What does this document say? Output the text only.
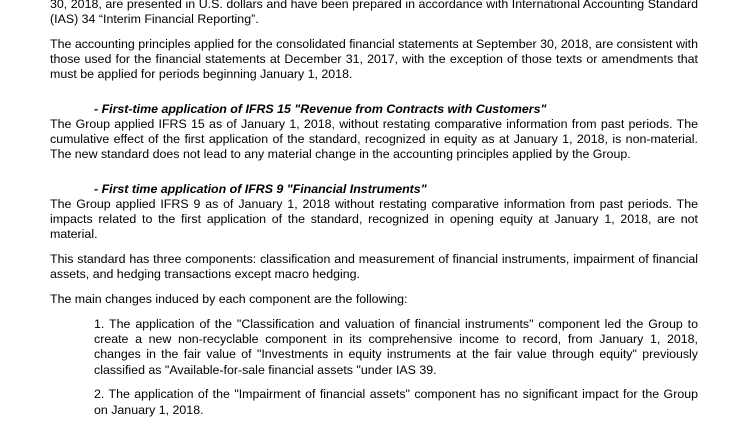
30, 2018, are presented in U.S. dollars and have been prepared in accordance with International Accounting Standard (IAS) 34 “Interim Financial Reporting”.

The accounting principles applied for the consolidated financial statements at September 30, 2018, are consistent with those used for the financial statements at December 31, 2017, with the exception of those texts or amendments that must be applied for periods beginning January 1, 2018.

- First-time application of IFRS 15 "Revenue from Contracts with Customers"

The Group applied IFRS 15 as of January 1, 2018, without restating comparative information from past periods. The cumulative effect of the first application of the standard, recognized in equity as at January 1, 2018, is non-material. The new standard does not lead to any material change in the accounting principles applied by the Group.

- First time application of IFRS 9 "Financial Instruments"

The Group applied IFRS 9 as of January 1, 2018 without restating comparative information from past periods. The impacts related to the first application of the standard, recognized in opening equity at January 1, 2018, are not material.

This standard has three components: classification and measurement of financial instruments, impairment of financial assets, and hedging transactions except macro hedging.

The main changes induced by each component are the following:

1. The application of the "Classification and valuation of financial instruments" component led the Group to create a new non-recyclable component in its comprehensive income to record, from January 1, 2018, changes in the fair value of "Investments in equity instruments at the fair value through equity" previously classified as "Available-for-sale financial assets "under IAS 39.

2. The application of the "Impairment of financial assets" component has no significant impact for the Group on January 1, 2018.
